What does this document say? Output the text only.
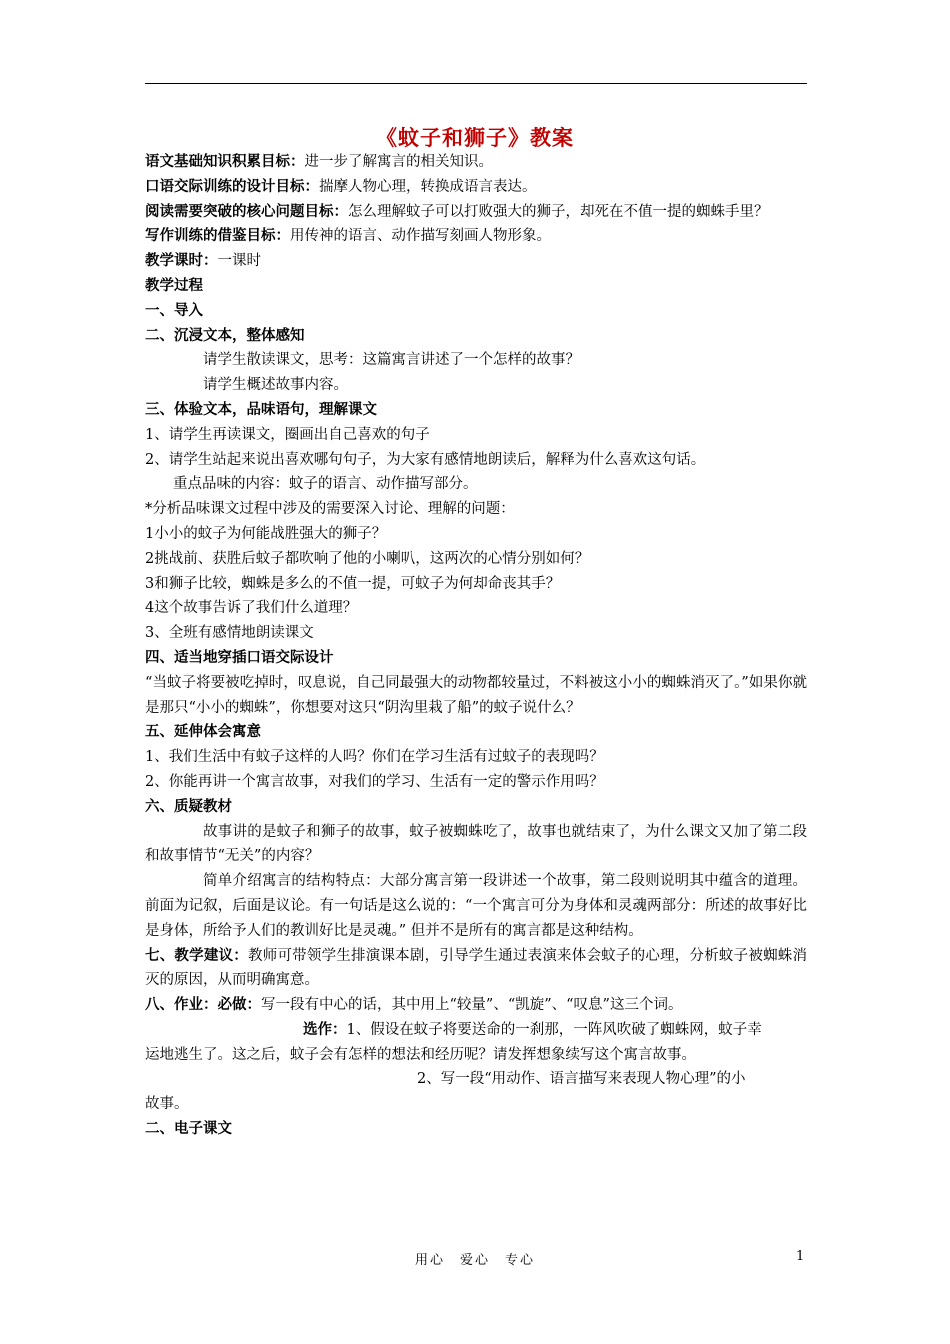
《蚊子和狮子》教案
语文基础知识积累目标：进一步了解寓言的相关知识。
口语交际训练的设计目标：揣摩人物心理，转换成语言表达。
阅读需要突破的核心问题目标：怎么理解蚊子可以打败强大的狮子，却死在不值一提的蜘蛛手里？
写作训练的借鉴目标：用传神的语言、动作描写刻画人物形象。
教学课时：一课时
教学过程
一、导入
二、沉浸文本，整体感知
请学生散读课文，思考：这篇寓言讲述了一个怎样的故事？
请学生概述故事内容。
三、体验文本，品味语句，理解课文
1、请学生再读课文，圈画出自己喜欢的句子
2、请学生站起来说出喜欢哪句句子，为大家有感情地朗读后，解释为什么喜欢这句话。
重点品味的内容：蚊子的语言、动作描写部分。
*分析品味课文过程中涉及的需要深入讨论、理解的问题：
1小小的蚊子为何能战胜强大的狮子？
2挑战前、获胜后蚊子都吹响了他的小喇叭，这两次的心情分别如何？
3和狮子比较，蜘蛛是多么的不值一提，可蚊子为何却命丧其手？
4这个故事告诉了我们什么道理？
3、全班有感情地朗读课文
四、适当地穿插口语交际设计
“当蚊子将要被吃掉时，叹息说，自己同最强大的动物都较量过，不料被这小小的蜘蛛消灭了。”如果你就是那只“小小的蜘蛛”，你想要对这只“阴沟里栽了船”的蚊子说什么？
五、延伸体会寓意
1、我们生活中有蚊子这样的人吗？你们在学习生活有过蚊子的表现吗？
2、你能再讲一个寓言故事，对我们的学习、生活有一定的警示作用吗？
六、质疑教材
故事讲的是蚊子和狮子的故事，蚊子被蜘蛛吃了，故事也就结束了，为什么课文又加了第二段和故事情节“无关”的内容？
简单介绍寓言的结构特点：大部分寓言第一段讲述一个故事，第二段则说明其中蕴含的道理。前面为记叙，后面是议论。有一句话是这么说的：“一个寓言可分为身体和灵魂两部分：所述的故事好比是身体，所给予人们的教训好比是灵魂。” 但并不是所有的寓言都是这种结构。
七、教学建议：教师可带领学生排演课本剧，引导学生通过表演来体会蚊子的心理，分析蚊子被蜘蛛消灭的原因，从而明确寓意。
八、作业：必做：写一段有中心的话，其中用上“较量”、“凯旋”、“叹息”这三个词。
选作：1、假设在蚊子将要送命的一刹那，一阵风吹破了蜘蛛网，蚊子幸
运地逃生了。这之后，蚊子会有怎样的想法和经历呢？请发挥想象续写这个寓言故事。
2、写一段“用动作、语言描写来表现人物心理”的小
故事。
二、电子课文
用心　爱心　专心	1
